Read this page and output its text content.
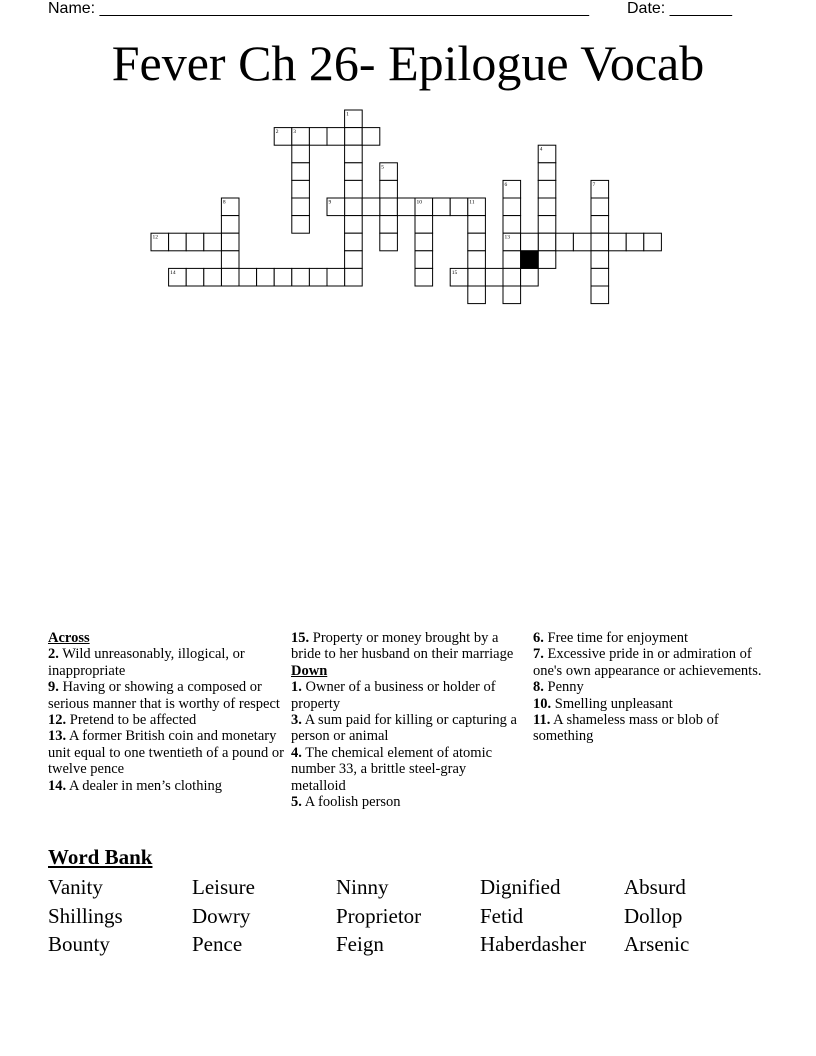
Name: _______________________________________________________ Date: _______
Fever Ch 26- Epilogue Vocab
1
2	3
4
5
6	7
8	9	10	11
12	13
14	15
Across

2. Wild unreasonably, illogical, or inappropriate

9. Having or showing a composed or serious manner that is worthy of respect

12. Pretend to be affected

13. A former British coin and monetary unit equal to one twentieth of a pound or twelve pence

14. A dealer in men’s clothing

15. Property or money brought by a bride to her husband on their marriage

Down

1. Owner of a business or holder of property

3. A sum paid for killing or capturing a person or animal

4. The chemical element of atomic number 33, a brittle steel-gray metalloid

5. A foolish person

6. Free time for enjoyment

7. Excessive pride in or admiration of one's own appearance or achievements.

8. Penny

10. Smelling unpleasant

11. A shameless mass or blob of something

Word Bank
Vanity	Leisure	Ninny	Dignified	Absurd
Shillings	Dowry	Proprietor	Fetid	Dollop
Bounty	Pence	Feign	Haberdasher	Arsenic
